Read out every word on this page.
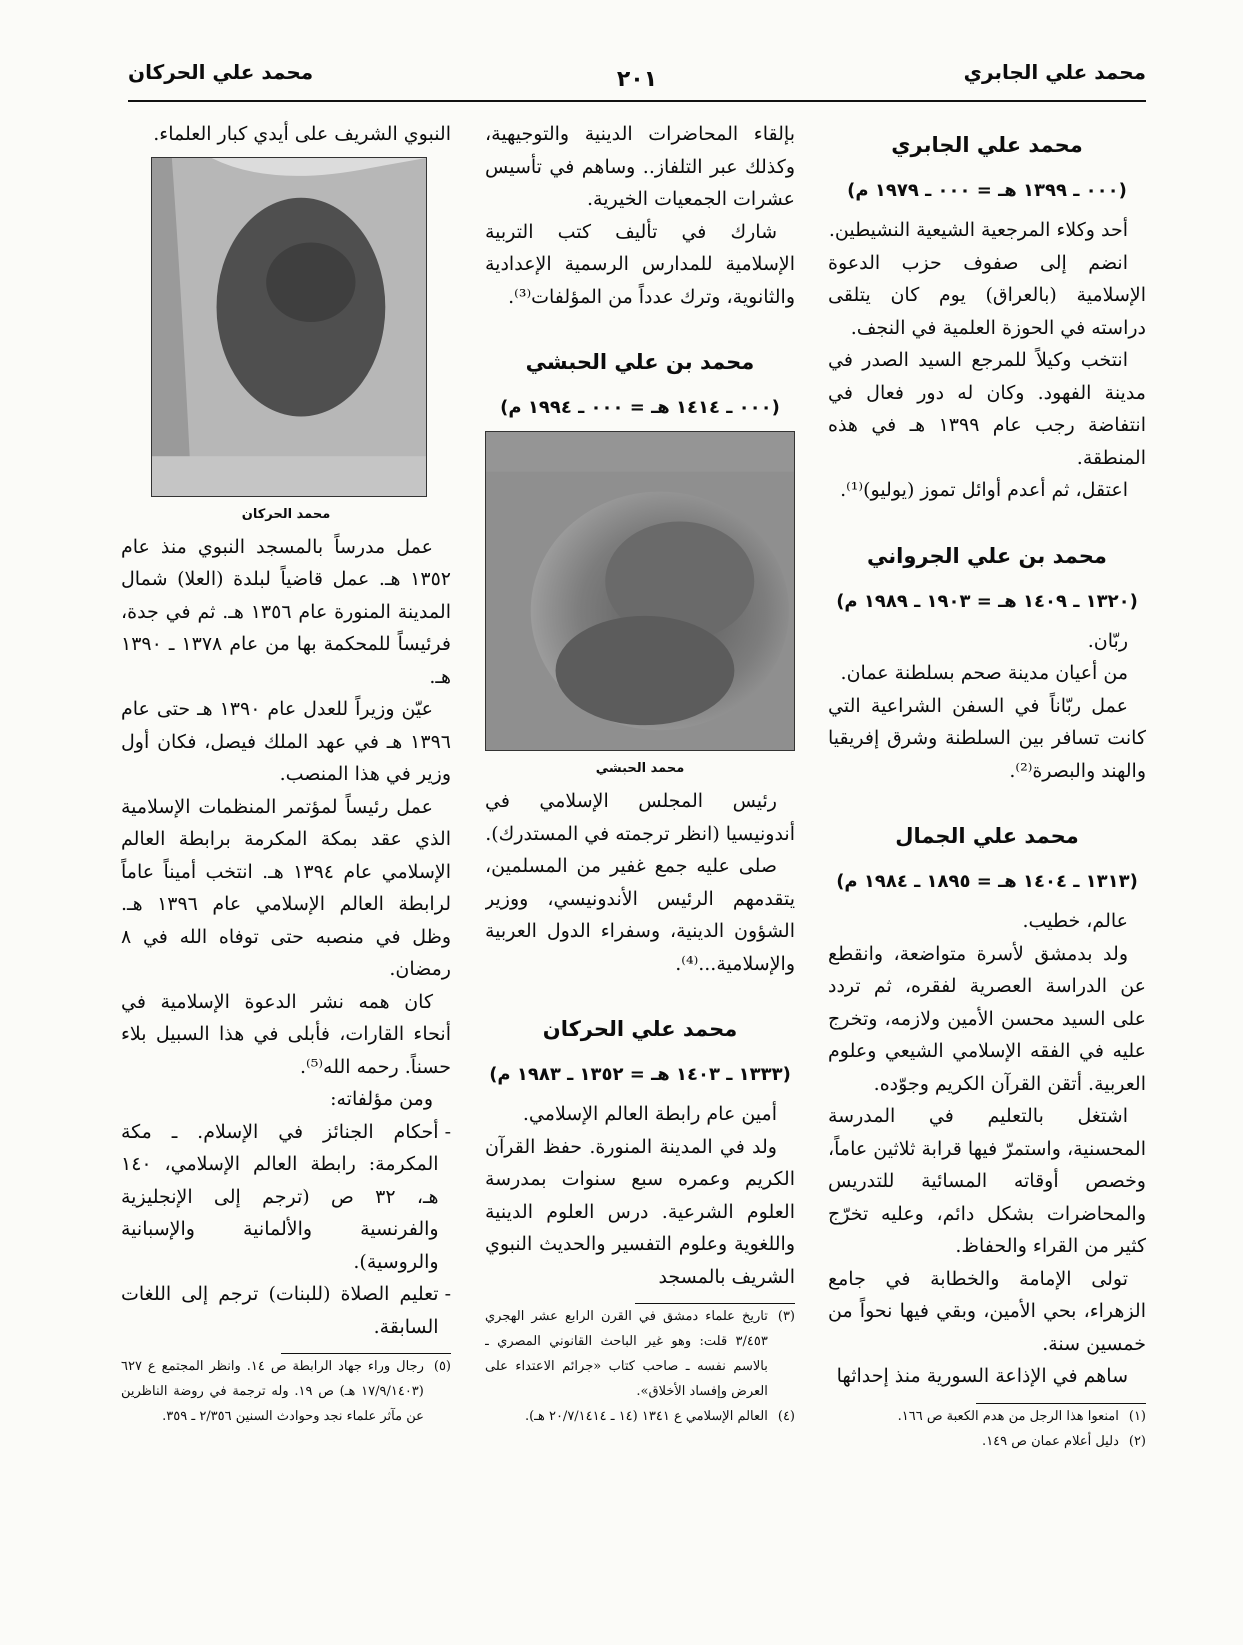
محمد علي الجابري
٢٠١
محمد علي الحركان
محمد علي الجابري
(٠٠٠ ـ ١٣٩٩ هـ = ٠٠٠ ـ ١٩٧٩ م)

أحد وكلاء المرجعية الشيعية النشيطين.

انضم إلى صفوف حزب الدعوة الإسلامية (بالعراق) يوم كان يتلقى دراسته في الحوزة العلمية في النجف.

انتخب وكيلاً للمرجع السيد الصدر في مدينة الفهود. وكان له دور فعال في انتفاضة رجب عام ١٣٩٩ هـ في هذه المنطقة.

اعتقل، ثم أعدم أوائل تموز (يوليو)⁽¹⁾.

محمد بن علي الجرواني
(١٣٢٠ ـ ١٤٠٩ هـ = ١٩٠٣ ـ ١٩٨٩ م)

ربّان.

من أعيان مدينة صحم بسلطنة عمان.

عمل ربّاناً في السفن الشراعية التي كانت تسافر بين السلطنة وشرق إفريقيا والهند والبصرة⁽²⁾.

محمد علي الجمال
(١٣١٣ ـ ١٤٠٤ هـ = ١٨٩٥ ـ ١٩٨٤ م)

عالم، خطيب.

ولد بدمشق لأسرة متواضعة، وانقطع عن الدراسة العصرية لفقره، ثم تردد على السيد محسن الأمين ولازمه، وتخرج عليه في الفقه الإسلامي الشيعي وعلوم العربية. أتقن القرآن الكريم وجوّده.

اشتغل بالتعليم في المدرسة المحسنية، واستمرّ فيها قرابة ثلاثين عاماً، وخصص أوقاته المسائية للتدريس والمحاضرات بشكل دائم، وعليه تخرّج كثير من القراء والحفاظ.

تولى الإمامة والخطابة في جامع الزهراء، بحي الأمين، وبقي فيها نحواً من خمسين سنة.

ساهم في الإذاعة السورية منذ إحداثها

(١)
امنعوا هذا الرجل من هدم الكعبة ص ١٦٦.
(٢)
دليل أعلام عمان ص ١٤٩.

بإلقاء المحاضرات الدينية والتوجيهية، وكذلك عبر التلفاز.. وساهم في تأسيس عشرات الجمعيات الخيرية.

شارك في تأليف كتب التربية الإسلامية للمدارس الرسمية الإعدادية والثانوية، وترك عدداً من المؤلفات⁽³⁾.

محمد بن علي الحبشي
(٠٠٠ ـ ١٤١٤ هـ = ٠٠٠ ـ ١٩٩٤ م)
محمد الحبشي

رئيس المجلس الإسلامي في أندونيسيا (انظر ترجمته في المستدرك).

صلى عليه جمع غفير من المسلمين، يتقدمهم الرئيس الأندونيسي، ووزير الشؤون الدينية، وسفراء الدول العربية والإسلامية...⁽⁴⁾.

محمد علي الحركان
(١٣٣٣ ـ ١٤٠٣ هـ = ١٣٥٢ ـ ١٩٨٣ م)

أمين عام رابطة العالم الإسلامي.

ولد في المدينة المنورة. حفظ القرآن الكريم وعمره سبع سنوات بمدرسة العلوم الشرعية. درس العلوم الدينية واللغوية وعلوم التفسير والحديث النبوي الشريف بالمسجد

(٣)
تاريخ علماء دمشق في القرن الرابع عشر الهجري ٣/٤٥٣ قلت: وهو غير الباحث القانوني المصري ـ بالاسم نفسه ـ صاحب كتاب «جرائم الاعتداء على العرض وإفساد الأخلاق».
(٤)
العالم الإسلامي ع ١٣٤١ (١٤ ـ ٢٠/٧/١٤١٤ هـ).

النبوي الشريف على أيدي كبار العلماء.

محمد الحركان

عمل مدرساً بالمسجد النبوي منذ عام ١٣٥٢ هـ. عمل قاضياً لبلدة (العلا) شمال المدينة المنورة عام ١٣٥٦ هـ. ثم في جدة، فرئيساً للمحكمة بها من عام ١٣٧٨ ـ ١٣٩٠ هـ.

عيّن وزيراً للعدل عام ١٣٩٠ هـ حتى عام ١٣٩٦ هـ في عهد الملك فيصل، فكان أول وزير في هذا المنصب.

عمل رئيساً لمؤتمر المنظمات الإسلامية الذي عقد بمكة المكرمة برابطة العالم الإسلامي عام ١٣٩٤ هـ. انتخب أميناً عاماً لرابطة العالم الإسلامي عام ١٣٩٦ هـ. وظل في منصبه حتى توفاه الله في ٨ رمضان.

كان همه نشر الدعوة الإسلامية في أنحاء القارات، فأبلى في هذا السبيل بلاء حسناً. رحمه الله⁽⁵⁾.

ومن مؤلفاته:

-
أحكام الجنائز في الإسلام. ـ مكة المكرمة: رابطة العالم الإسلامي، ١٤٠ هـ، ٣٢ ص (ترجم إلى الإنجليزية والفرنسية والألمانية والإسبانية والروسية).
-
تعليم الصلاة (للبنات) ترجم إلى اللغات السابقة.
(٥)
رجال وراء جهاد الرابطة ص ١٤. وانظر المجتمع ع ٦٢٧ (١٧/٩/١٤٠٣ هـ) ص ١٩. وله ترجمة في روضة الناظرين عن مآثر علماء نجد وحوادث السنين ٢/٣٥٦ ـ ٣٥٩.
